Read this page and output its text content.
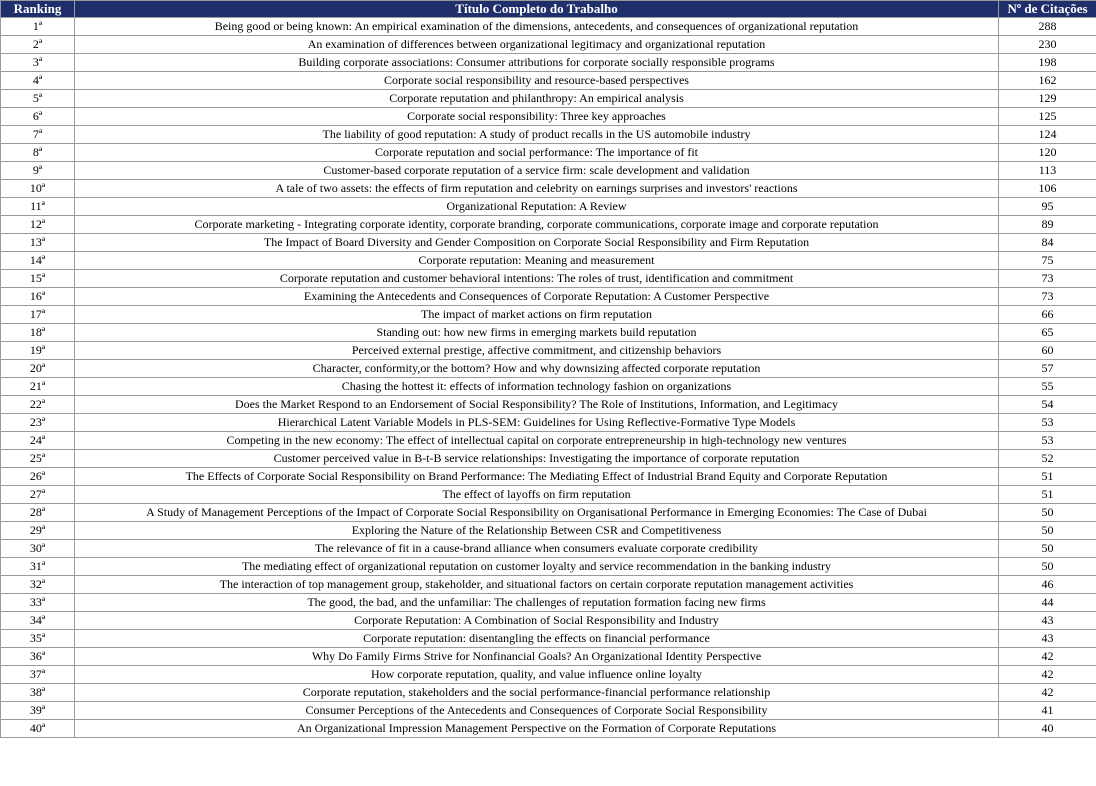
Ranking	Título Completo do Trabalho	Nº de Citações
1ª	Being good or being known: An empirical examination of the dimensions, antecedents, and consequences of organizational reputation	288
2ª	An examination of differences between organizational legitimacy and organizational reputation	230
3ª	Building corporate associations: Consumer attributions for corporate socially responsible programs	198
4ª	Corporate social responsibility and resource-based perspectives	162
5ª	Corporate reputation and philanthropy: An empirical analysis	129
6ª	Corporate social responsibility: Three key approaches	125
7ª	The liability of good reputation: A study of product recalls in the US automobile industry	124
8ª	Corporate reputation and social performance: The importance of fit	120
9ª	Customer-based corporate reputation of a service firm: scale development and validation	113
10ª	A tale of two assets: the effects of firm reputation and celebrity on earnings surprises and investors' reactions	106
11ª	Organizational Reputation: A Review	95
12ª	Corporate marketing - Integrating corporate identity, corporate branding, corporate communications, corporate image and corporate reputation	89
13ª	The Impact of Board Diversity and Gender Composition on Corporate Social Responsibility and Firm Reputation	84
14ª	Corporate reputation: Meaning and measurement	75
15ª	Corporate reputation and customer behavioral intentions: The roles of trust, identification and commitment	73
16ª	Examining the Antecedents and Consequences of Corporate Reputation: A Customer Perspective	73
17ª	The impact of market actions on firm reputation	66
18ª	Standing out: how new firms in emerging markets build reputation	65
19ª	Perceived external prestige, affective commitment, and citizenship behaviors	60
20ª	Character, conformity,or the bottom? How and why downsizing affected corporate reputation	57
21ª	Chasing the hottest it: effects of information technology fashion on organizations	55
22ª	Does the Market Respond to an Endorsement of Social Responsibility? The Role of Institutions, Information, and Legitimacy	54
23ª	Hierarchical Latent Variable Models in PLS-SEM: Guidelines for Using Reflective-Formative Type Models	53
24ª	Competing in the new economy: The effect of intellectual capital on corporate entrepreneurship in high-technology new ventures	53
25ª	Customer perceived value in B-t-B service relationships: Investigating the importance of corporate reputation	52
26ª	The Effects of Corporate Social Responsibility on Brand Performance: The Mediating Effect of Industrial Brand Equity and Corporate Reputation	51
27ª	The effect of layoffs on firm reputation	51
28ª	A Study of Management Perceptions of the Impact of Corporate Social Responsibility on Organisational Performance in Emerging Economies: The Case of Dubai	50
29ª	Exploring the Nature of the Relationship Between CSR and Competitiveness	50
30ª	The relevance of fit in a cause-brand alliance when consumers evaluate corporate credibility	50
31ª	The mediating effect of organizational reputation on customer loyalty and service recommendation in the banking industry	50
32ª	The interaction of top management group, stakeholder, and situational factors on certain corporate reputation management activities	46
33ª	The good, the bad, and the unfamiliar: The challenges of reputation formation facing new firms	44
34ª	Corporate Reputation: A Combination of Social Responsibility and Industry	43
35ª	Corporate reputation: disentangling the effects on financial performance	43
36ª	Why Do Family Firms Strive for Nonfinancial Goals? An Organizational Identity Perspective	42
37ª	How corporate reputation, quality, and value influence online loyalty	42
38ª	Corporate reputation, stakeholders and the social performance-financial performance relationship	42
39ª	Consumer Perceptions of the Antecedents and Consequences of Corporate Social Responsibility	41
40ª	An Organizational Impression Management Perspective on the Formation of Corporate Reputations	40
